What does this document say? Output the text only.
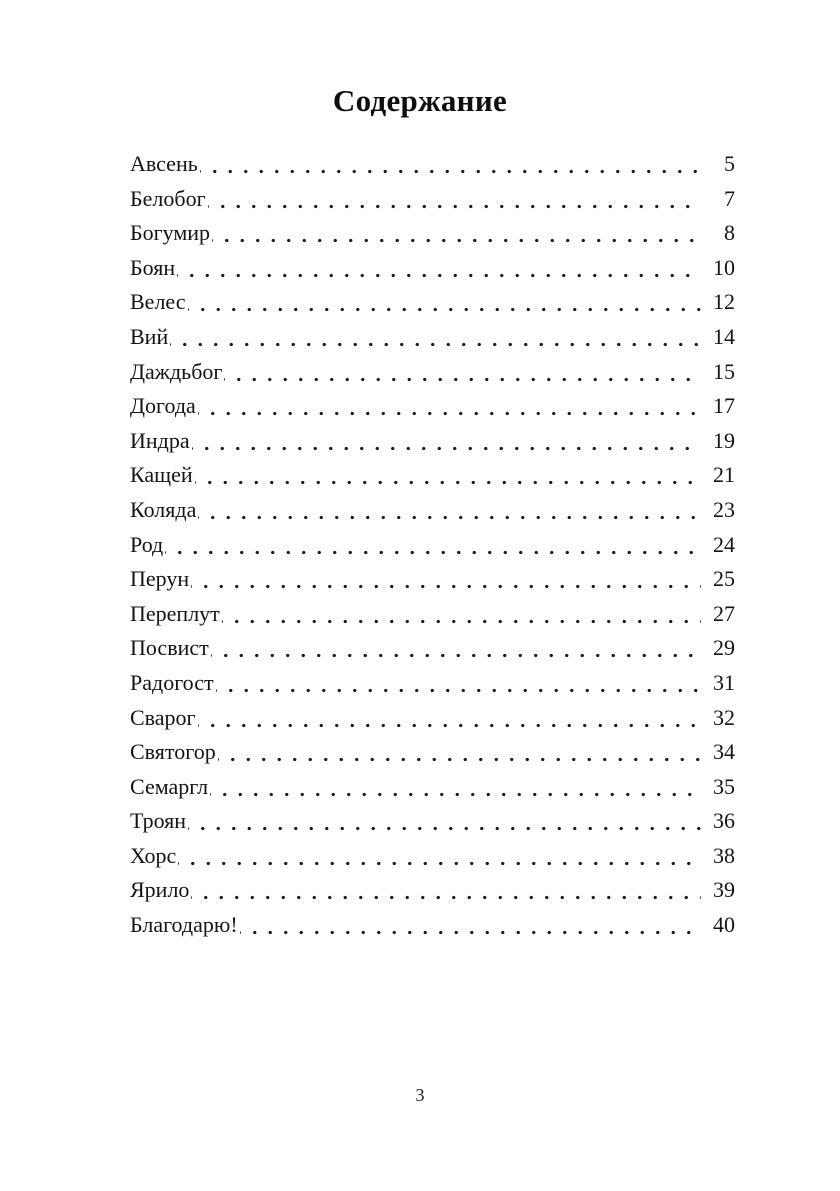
Содержание
Авсень	5
Белобог	7
Богумир	8
Боян	10
Велес	12
Вий	14
Даждьбог	15
Догода	17
Индра	19
Кащей	21
Коляда	23
Род	24
Перун	25
Переплут	27
Посвист	29
Радогост	31
Сварог	32
Святогор	34
Семаргл	35
Троян	36
Хорс	38
Ярило	39
Благодарю!	40
3
